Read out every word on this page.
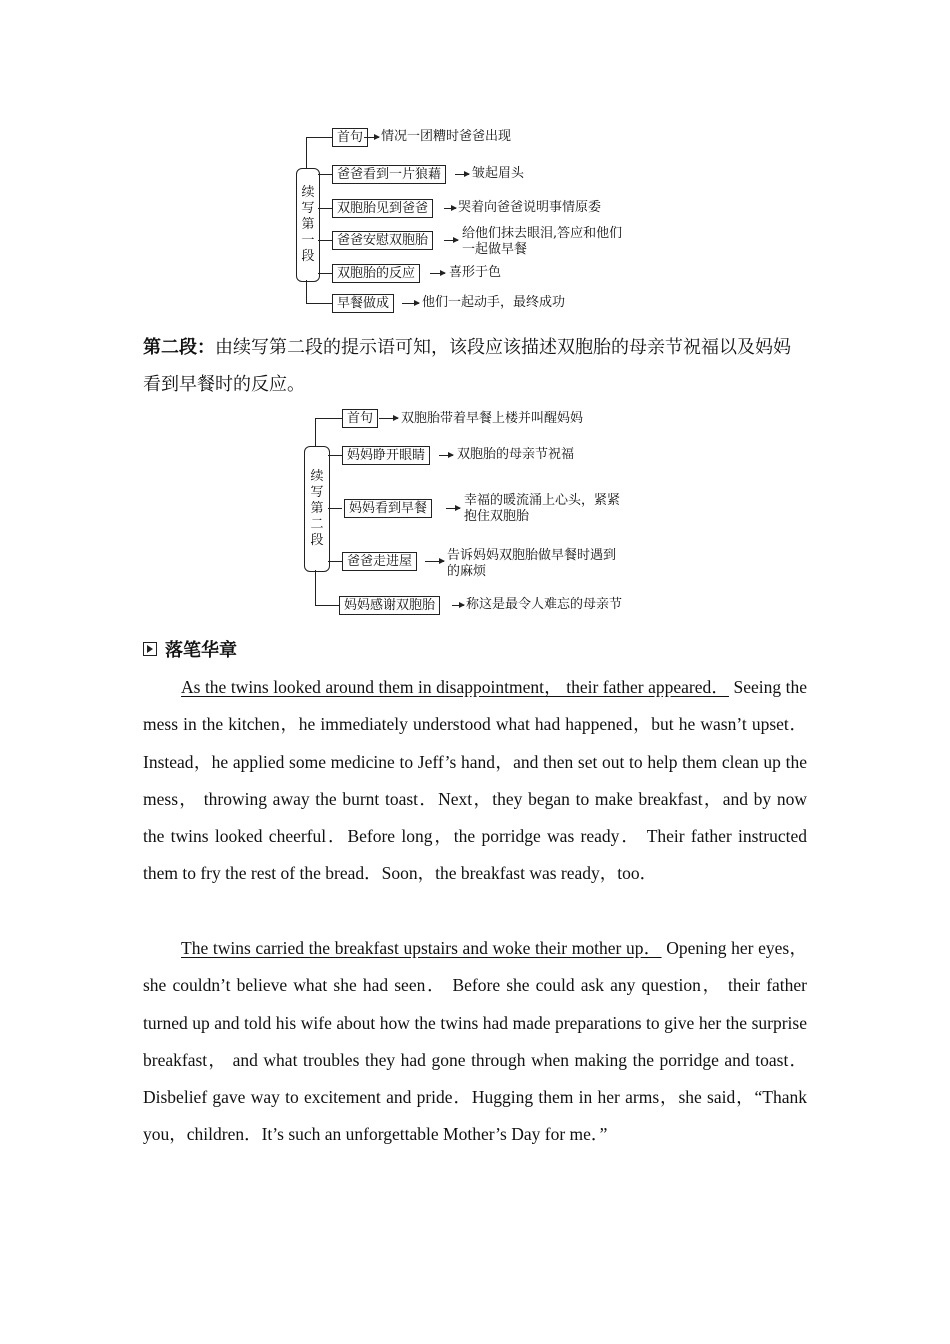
续
写
第
一
段
首句	情况一团糟时爸爸出现
爸爸看到一片狼藉	皱起眉头
双胞胎见到爸爸	哭着向爸爸说明事情原委
爸爸安慰双胞胎	给他们抹去眼泪,答应和他们
一起做早餐
双胞胎的反应	喜形于色
早餐做成	他们一起动手，最终成功
第二段：由续写第二段的提示语可知，该段应该描述双胞胎的母亲节祝福以及妈妈看到早餐时的反应。
续
写
第
二
段
首句	双胞胎带着早餐上楼并叫醒妈妈
妈妈睁开眼睛	双胞胎的母亲节祝福
妈妈看到早餐
幸福的暖流涌上心头，紧紧
抱住双胞胎
爸爸走进屋	告诉妈妈双胞胎做早餐时遇到
的麻烦
妈妈感谢双胞胎	称这是最令人难忘的母亲节
落笔华章
As the twins looked around them in disappointment， their father appeared． Seeing the mess in the kitchen，he immediately understood what had happened，but he wasn’t upset．Instead，he applied some medicine to Jeff’s hand，and then set out to help them clean up the mess， throwing away the burnt toast．Next，they began to make breakfast，and by now the twins looked cheerful．Before long，the porridge was ready． Their father instructed them to fry the rest of the bread．Soon，the breakfast was ready，too．
The twins carried the breakfast upstairs and woke their mother up． Opening her eyes， she couldn’t believe what she had seen． Before she could ask any question， their father turned up and told his wife about how the twins had made preparations to give her the surprise breakfast， and what troubles they had gone through when making the porridge and toast．Disbelief gave way to excitement and pride．Hugging them in her arms，she said，“Thank you，children．It’s such an unforgettable Mother’s Day for me．”
